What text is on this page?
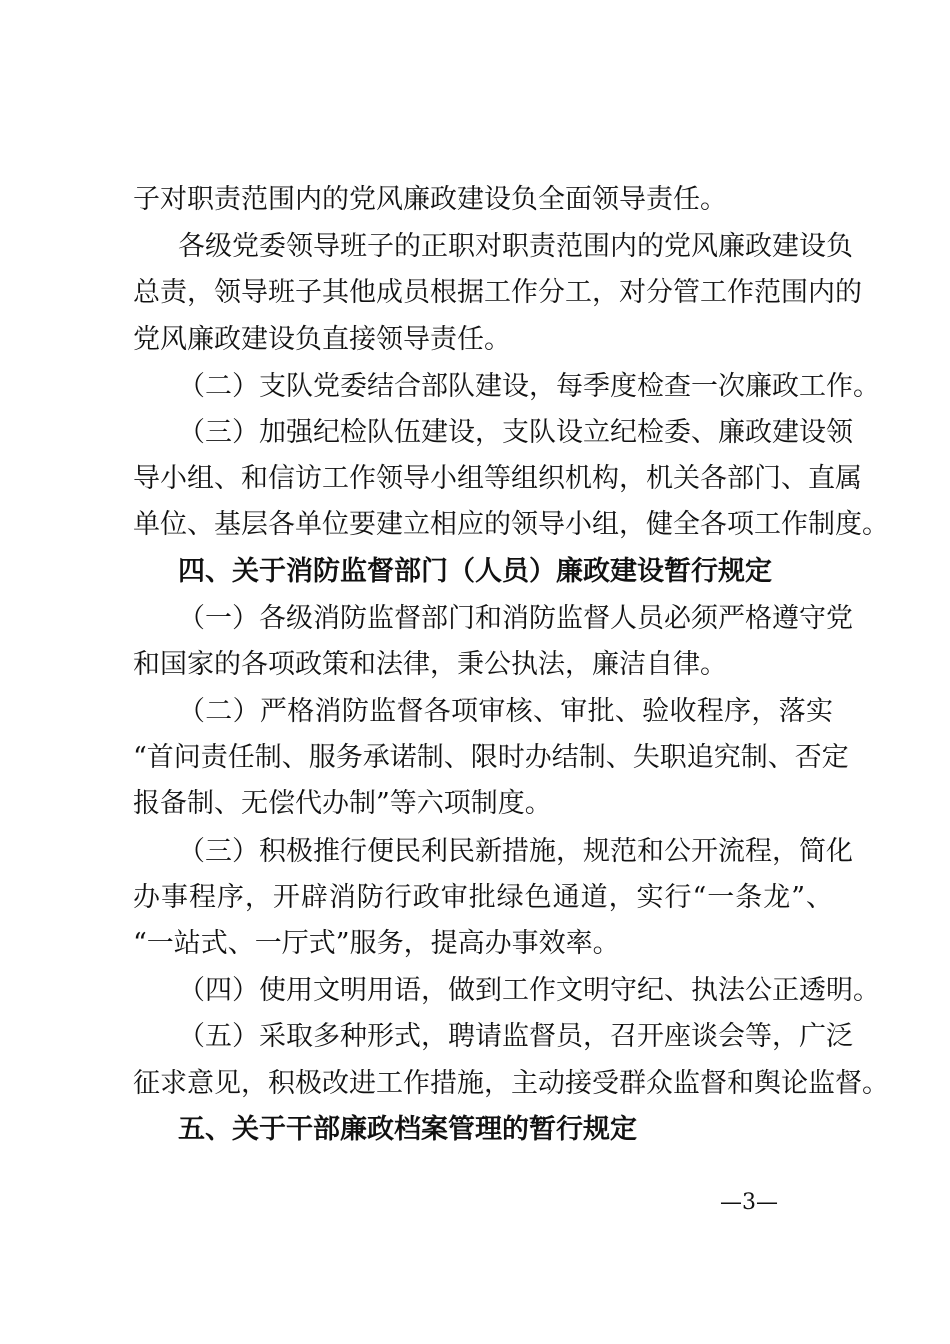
子对职责范围内的党风廉政建设负全面领导责任。
各级党委领导班子的正职对职责范围内的党风廉政建设负
总责，领导班子其他成员根据工作分工，对分管工作范围内的
党风廉政建设负直接领导责任。
（二）支队党委结合部队建设，每季度检查一次廉政工作。
（三）加强纪检队伍建设，支队设立纪检委、廉政建设领
导小组、和信访工作领导小组等组织机构，机关各部门、直属
单位、基层各单位要建立相应的领导小组，健全各项工作制度。
四、关于消防监督部门（人员）廉政建设暂行规定
（一）各级消防监督部门和消防监督人员必须严格遵守党
和国家的各项政策和法律，秉公执法，廉洁自律。
（二）严格消防监督各项审核、审批、验收程序，落实
“首问责任制、服务承诺制、限时办结制、失职追究制、否定
报备制、无偿代办制”等六项制度。
（三）积极推行便民利民新措施，规范和公开流程，简化
办事程序，开辟消防行政审批绿色通道，实行“一条龙”、
“一站式、一厅式”服务，提高办事效率。
（四）使用文明用语，做到工作文明守纪、执法公正透明。
（五）采取多种形式，聘请监督员，召开座谈会等，广泛
征求意见，积极改进工作措施，主动接受群众监督和舆论监督。
五、关于干部廉政档案管理的暂行规定
—3—
